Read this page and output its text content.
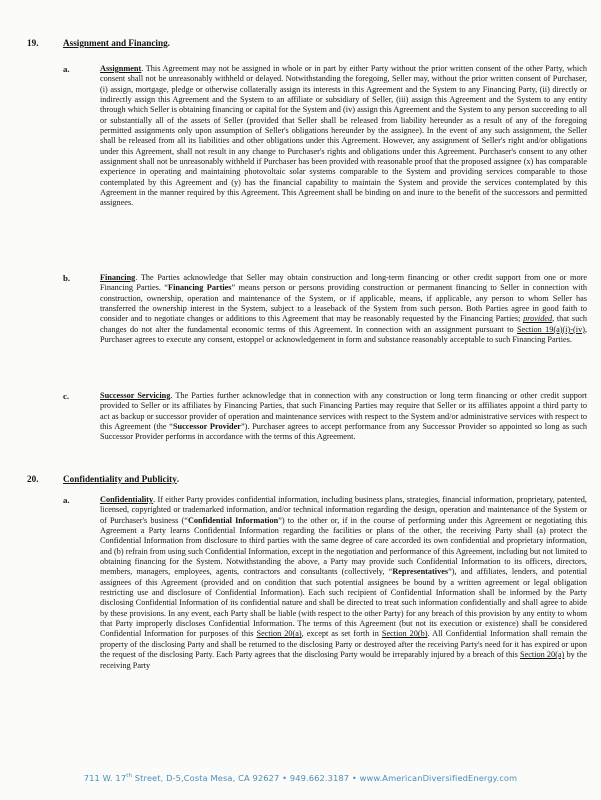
19.	Assignment and Financing.
a.	Assignment. This Agreement may not be assigned in whole or in part by either Party without the prior written consent of the other Party, which consent shall not be unreasonably withheld or delayed. Notwithstanding the foregoing, Seller may, without the prior written consent of Purchaser, (i) assign, mortgage, pledge or otherwise collaterally assign its interests in this Agreement and the System to any Financing Party, (ii) directly or indirectly assign this Agreement and the System to an affiliate or subsidiary of Seller, (iii) assign this Agreement and the System to any entity through which Seller is obtaining financing or capital for the System and (iv) assign this Agreement and the System to any person succeeding to all or substantially all of the assets of Seller (provided that Seller shall be released from liability hereunder as a result of any of the foregoing permitted assignments only upon assumption of Seller's obligations hereunder by the assignee). In the event of any such assignment, the Seller shall be released from all its liabilities and other obligations under this Agreement. However, any assignment of Seller's right and/or obligations under this Agreement, shall not result in any change to Purchaser's rights and obligations under this Agreement. Purchaser's consent to any other assignment shall not be unreasonably withheld if Purchaser has been provided with reasonable proof that the proposed assignee (x) has comparable experience in operating and maintaining photovoltaic solar systems comparable to the System and providing services comparable to those contemplated by this Agreement and (y) has the financial capability to maintain the System and provide the services contemplated by this Agreement in the manner required by this Agreement. This Agreement shall be binding on and inure to the benefit of the successors and permitted assignees.
b.	Financing. The Parties acknowledge that Seller may obtain construction and long-term financing or other credit support from one or more Financing Parties. “Financing Parties” means person or persons providing construction or permanent financing to Seller in connection with construction, ownership, operation and maintenance of the System, or if applicable, means, if applicable, any person to whom Seller has transferred the ownership interest in the System, subject to a leaseback of the System from such person. Both Parties agree in good faith to consider and to negotiate changes or additions to this Agreement that may be reasonably requested by the Financing Parties; provided, that such changes do not alter the fundamental economic terms of this Agreement. In connection with an assignment pursuant to Section 19(a)(i)-(iv), Purchaser agrees to execute any consent, estoppel or acknowledgement in form and substance reasonably acceptable to such Financing Parties.
c.	Successor Servicing. The Parties further acknowledge that in connection with any construction or long term financing or other credit support provided to Seller or its affiliates by Financing Parties, that such Financing Parties may require that Seller or its affiliates appoint a third party to act as backup or successor provider of operation and maintenance services with respect to the System and/or administrative services with respect to this Agreement (the “Successor Provider”). Purchaser agrees to accept performance from any Successor Provider so appointed so long as such Successor Provider performs in accordance with the terms of this Agreement.
20.	Confidentiality and Publicity.
a.	Confidentiality. If either Party provides confidential information, including business plans, strategies, financial information, proprietary, patented, licensed, copyrighted or trademarked information, and/or technical information regarding the design, operation and maintenance of the System or of Purchaser's business (“Confidential Information”) to the other or, if in the course of performing under this Agreement or negotiating this Agreement a Party learns Confidential Information regarding the facilities or plans of the other, the receiving Party shall (a) protect the Confidential Information from disclosure to third parties with the same degree of care accorded its own confidential and proprietary information, and (b) refrain from using such Confidential Information, except in the negotiation and performance of this Agreement, including but not limited to obtaining financing for the System. Notwithstanding the above, a Party may provide such Confidential Information to its officers, directors, members, managers, employees, agents, contractors and consultants (collectively, “Representatives”), and affiliates, lenders, and potential assignees of this Agreement (provided and on condition that such potential assignees be bound by a written agreement or legal obligation restricting use and disclosure of Confidential Information). Each such recipient of Confidential Information shall be informed by the Party disclosing Confidential Information of its confidential nature and shall be directed to treat such information confidentially and shall agree to abide by these provisions. In any event, each Party shall be liable (with respect to the other Party) for any breach of this provision by any entity to whom that Party improperly discloses Confidential Information. The terms of this Agreement (but not its execution or existence) shall be considered Confidential Information for purposes of this Section 20(a), except as set forth in Section 20(b). All Confidential Information shall remain the property of the disclosing Party and shall be returned to the disclosing Party or destroyed after the receiving Party's need for it has expired or upon the request of the disclosing Party. Each Party agrees that the disclosing Party would be irreparably injured by a breach of this Section 20(a) by the receiving Party
711 W. 17th Street, D-5,Costa Mesa, CA 92627 • 949.662.3187 • www.AmericanDiversifiedEnergy.com
